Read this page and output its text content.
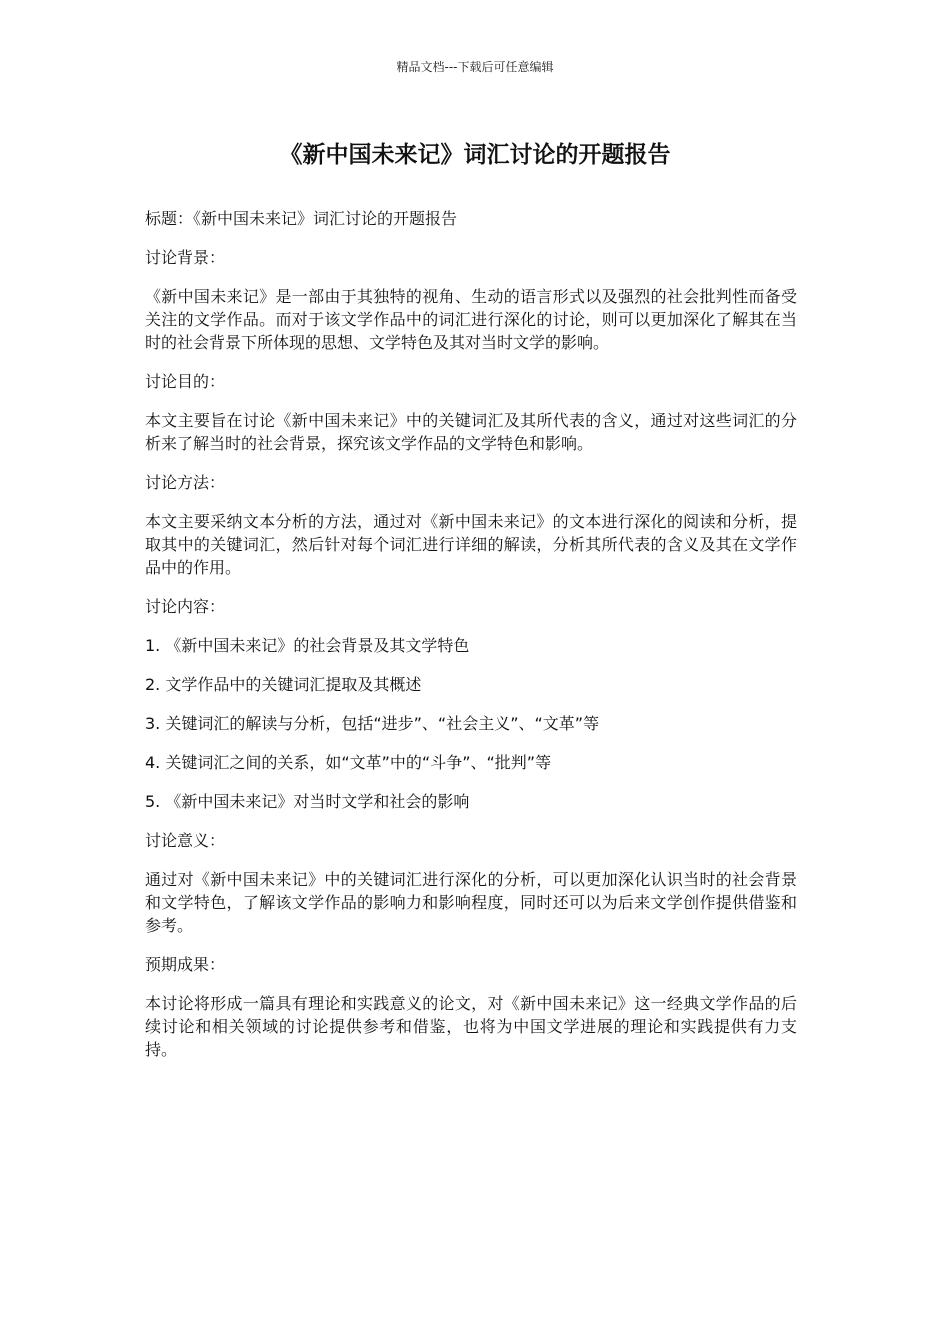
精品文档---下载后可任意编辑
《新中国未来记》词汇讨论的开题报告

标题：《新中国未来记》词汇讨论的开题报告

讨论背景：

《新中国未来记》是一部由于其独特的视角、生动的语言形式以及强烈的社会批判性而备受关注的文学作品。而对于该文学作品中的词汇进行深化的讨论，则可以更加深化了解其在当时的社会背景下所体现的思想、文学特色及其对当时文学的影响。

讨论目的：

本文主要旨在讨论《新中国未来记》中的关键词汇及其所代表的含义，通过对这些词汇的分析来了解当时的社会背景，探究该文学作品的文学特色和影响。

讨论方法：

本文主要采纳文本分析的方法，通过对《新中国未来记》的文本进行深化的阅读和分析，提取其中的关键词汇，然后针对每个词汇进行详细的解读，分析其所代表的含义及其在文学作品中的作用。

讨论内容：

1. 《新中国未来记》的社会背景及其文学特色
2. 文学作品中的关键词汇提取及其概述
3. 关键词汇的解读与分析，包括“进步”、“社会主义”、“文革”等
4. 关键词汇之间的关系，如“文革”中的“斗争”、“批判”等
5. 《新中国未来记》对当时文学和社会的影响

讨论意义：

通过对《新中国未来记》中的关键词汇进行深化的分析，可以更加深化认识当时的社会背景和文学特色，了解该文学作品的影响力和影响程度，同时还可以为后来文学创作提供借鉴和参考。

预期成果：

本讨论将形成一篇具有理论和实践意义的论文，对《新中国未来记》这一经典文学作品的后续讨论和相关领域的讨论提供参考和借鉴，也将为中国文学进展的理论和实践提供有力支持。
